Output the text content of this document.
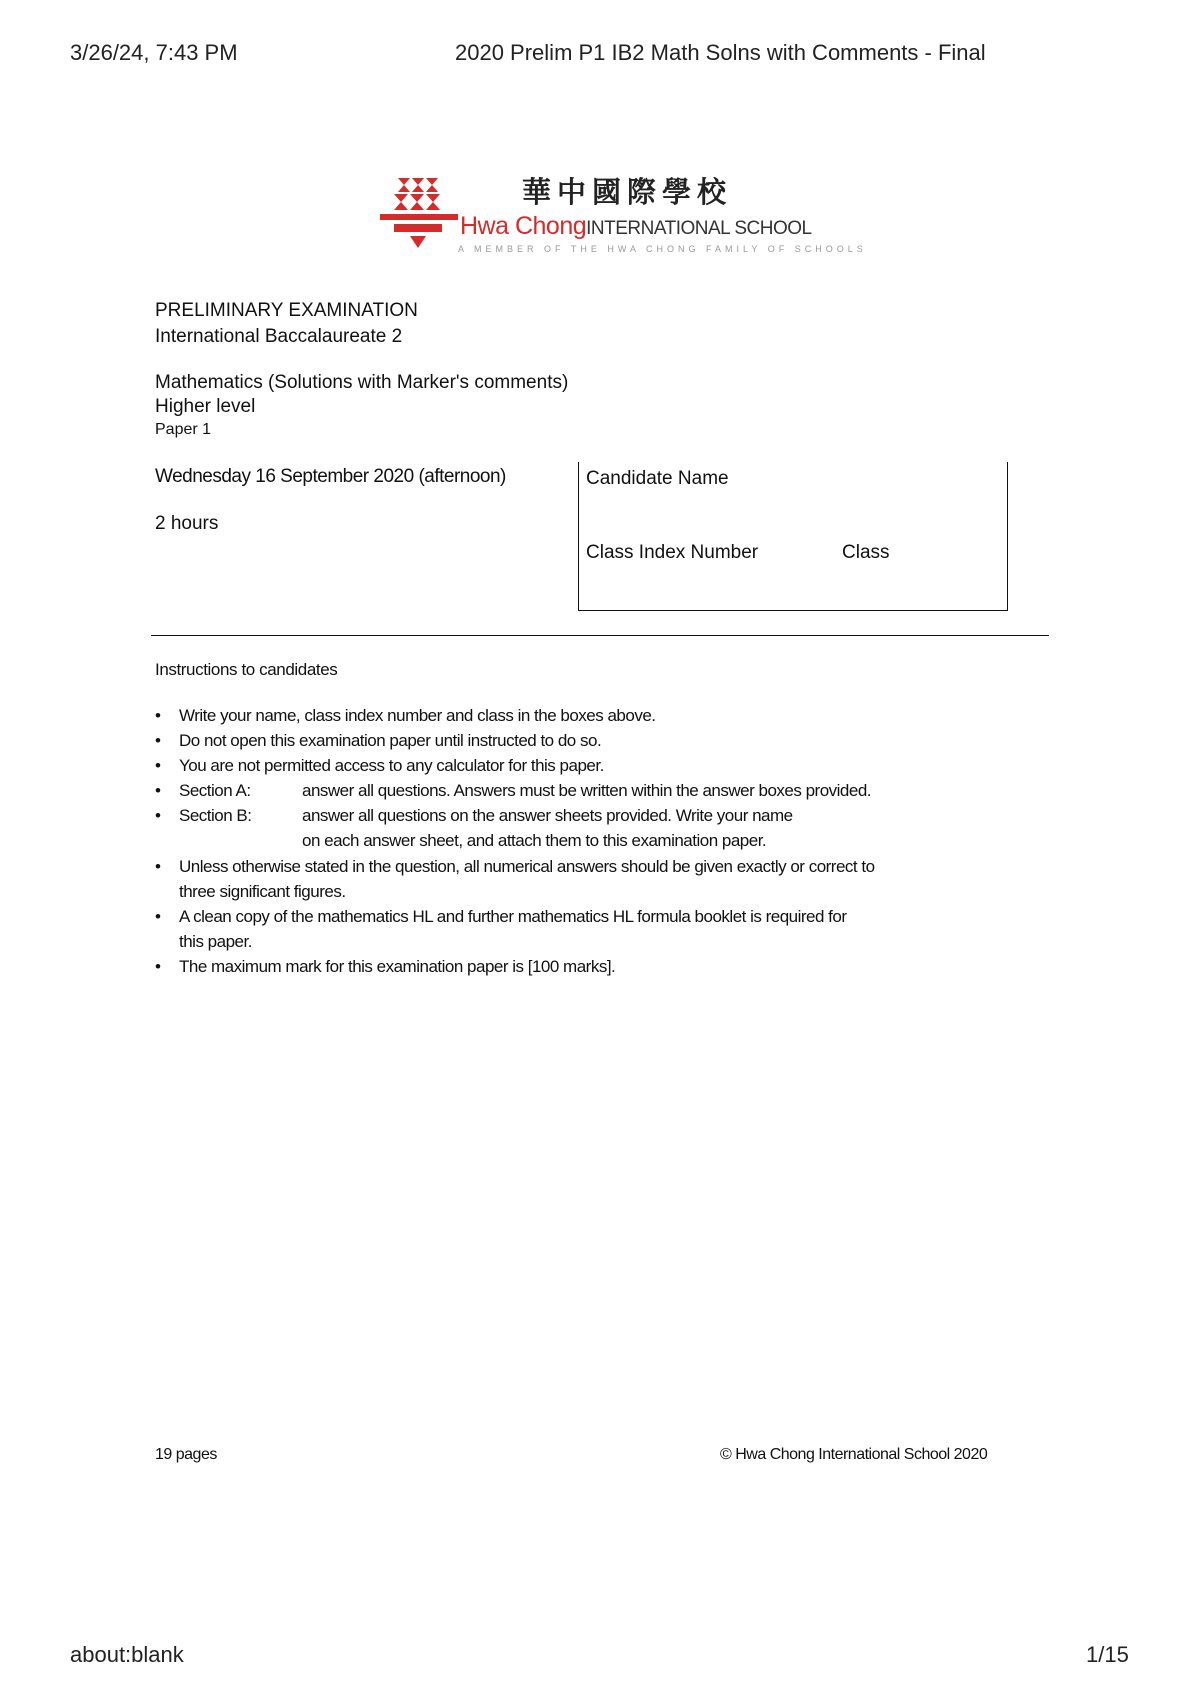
3/26/24, 7:43 PM	2020 Prelim P1 IB2 Math Solns with Comments - Final
華中國際學校
Hwa ChongINTERNATIONAL SCHOOL
A MEMBER OF THE HWA CHONG FAMILY OF SCHOOLS
PRELIMINARY EXAMINATION
International Baccalaureate 2
Mathematics (Solutions with Marker's comments)
Higher level
Paper 1
Wednesday 16 September 2020 (afternoon)
2 hours
Candidate Name
Class Index Number	Class
Instructions to candidates
• Write your name, class index number and class in the boxes above.
• Do not open this examination paper until instructed to do so.
• You are not permitted access to any calculator for this paper.
• Section A:	answer all questions. Answers must be written within the answer boxes provided.
• Section B:	answer all questions on the answer sheets provided. Write your name
on each answer sheet, and attach them to this examination paper.
• Unless otherwise stated in the question, all numerical answers should be given exactly or correct to
three significant figures.
• A clean copy of the mathematics HL and further mathematics HL formula booklet is required for
this paper.
• The maximum mark for this examination paper is [100 marks].
19 pages	© Hwa Chong International School 2020
about:blank	1/15
